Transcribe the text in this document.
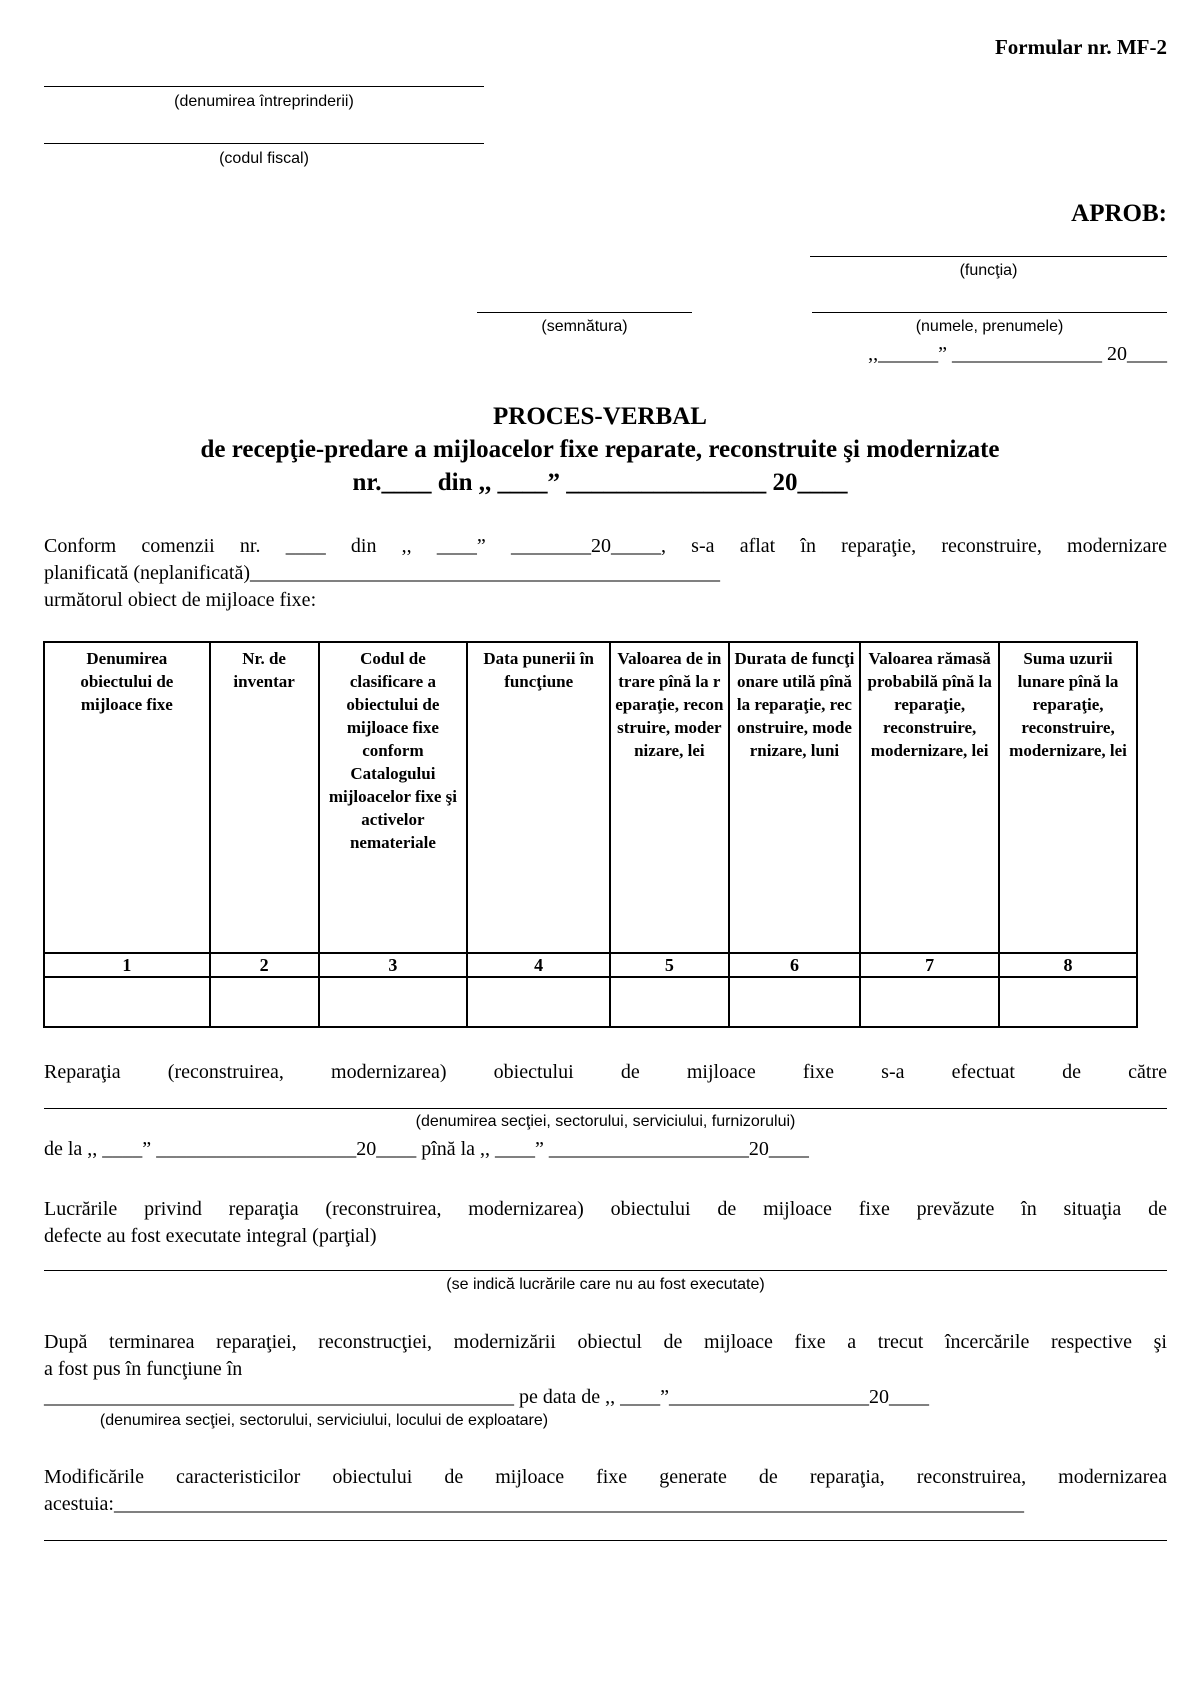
Formular nr. MF-2
(denumirea întreprinderii)
(codul fiscal)
APROB:
(funcţia)
(semnătura)	(numele, prenumele)
,,______” _______________ 20____
PROCES-VERBAL
de recepţie-predare a mijloacelor fixe reparate, reconstruite şi modernizate
nr.____ din ,, ____” ________________ 20____
Conform comenzii nr. ____ din ,, ____” ________20_____, s-a aflat în reparaţie, reconstruire, modernizare
planificată (neplanificată)_______________________________________________
următorul obiect de mijloace fixe:
Denumirea obiectului de mijloace fixe	Nr. de inventar	Codul de clasificare a obiectului de mijloace fixe conform Catalogului mijloacelor fixe şi activelor nemateriale	Data punerii în funcţiune	Valoarea de intrare pînă la reparaţie, reconstruire, modernizare, lei	Durata de funcţionare utilă pînă la reparaţie, reconstruire, modernizare, luni	Valoarea rămasă probabilă pînă la reparaţie, reconstruire, modernizare, lei	Suma uzurii lunare pînă la reparaţie, reconstruire, modernizare, lei
1	2	3	4	5	6	7	8

Reparaţia (reconstruirea, modernizarea) obiectului de mijloace fixe s-a efectuat de către
(denumirea secţiei, sectorului, serviciului, furnizorului)
de la ,, ____” ____________________20____ pînă la ,, ____” ____________________20____
Lucrările privind reparaţia (reconstruirea, modernizarea) obiectului de mijloace fixe prevăzute în situaţia de
defecte au fost executate integral (parţial)
(se indică lucrările care nu au fost executate)
După terminarea reparaţiei, reconstrucţiei, modernizării obiectul de mijloace fixe a trecut încercările respective şi
a fost pus în funcţiune în
_______________________________________________ pe data de ,, ____”____________________20____
(denumirea secţiei, sectorului, serviciului, locului de exploatare)
Modificările caracteristicilor obiectului de mijloace fixe generate de reparaţia, reconstruirea, modernizarea
acestuia:___________________________________________________________________________________________
